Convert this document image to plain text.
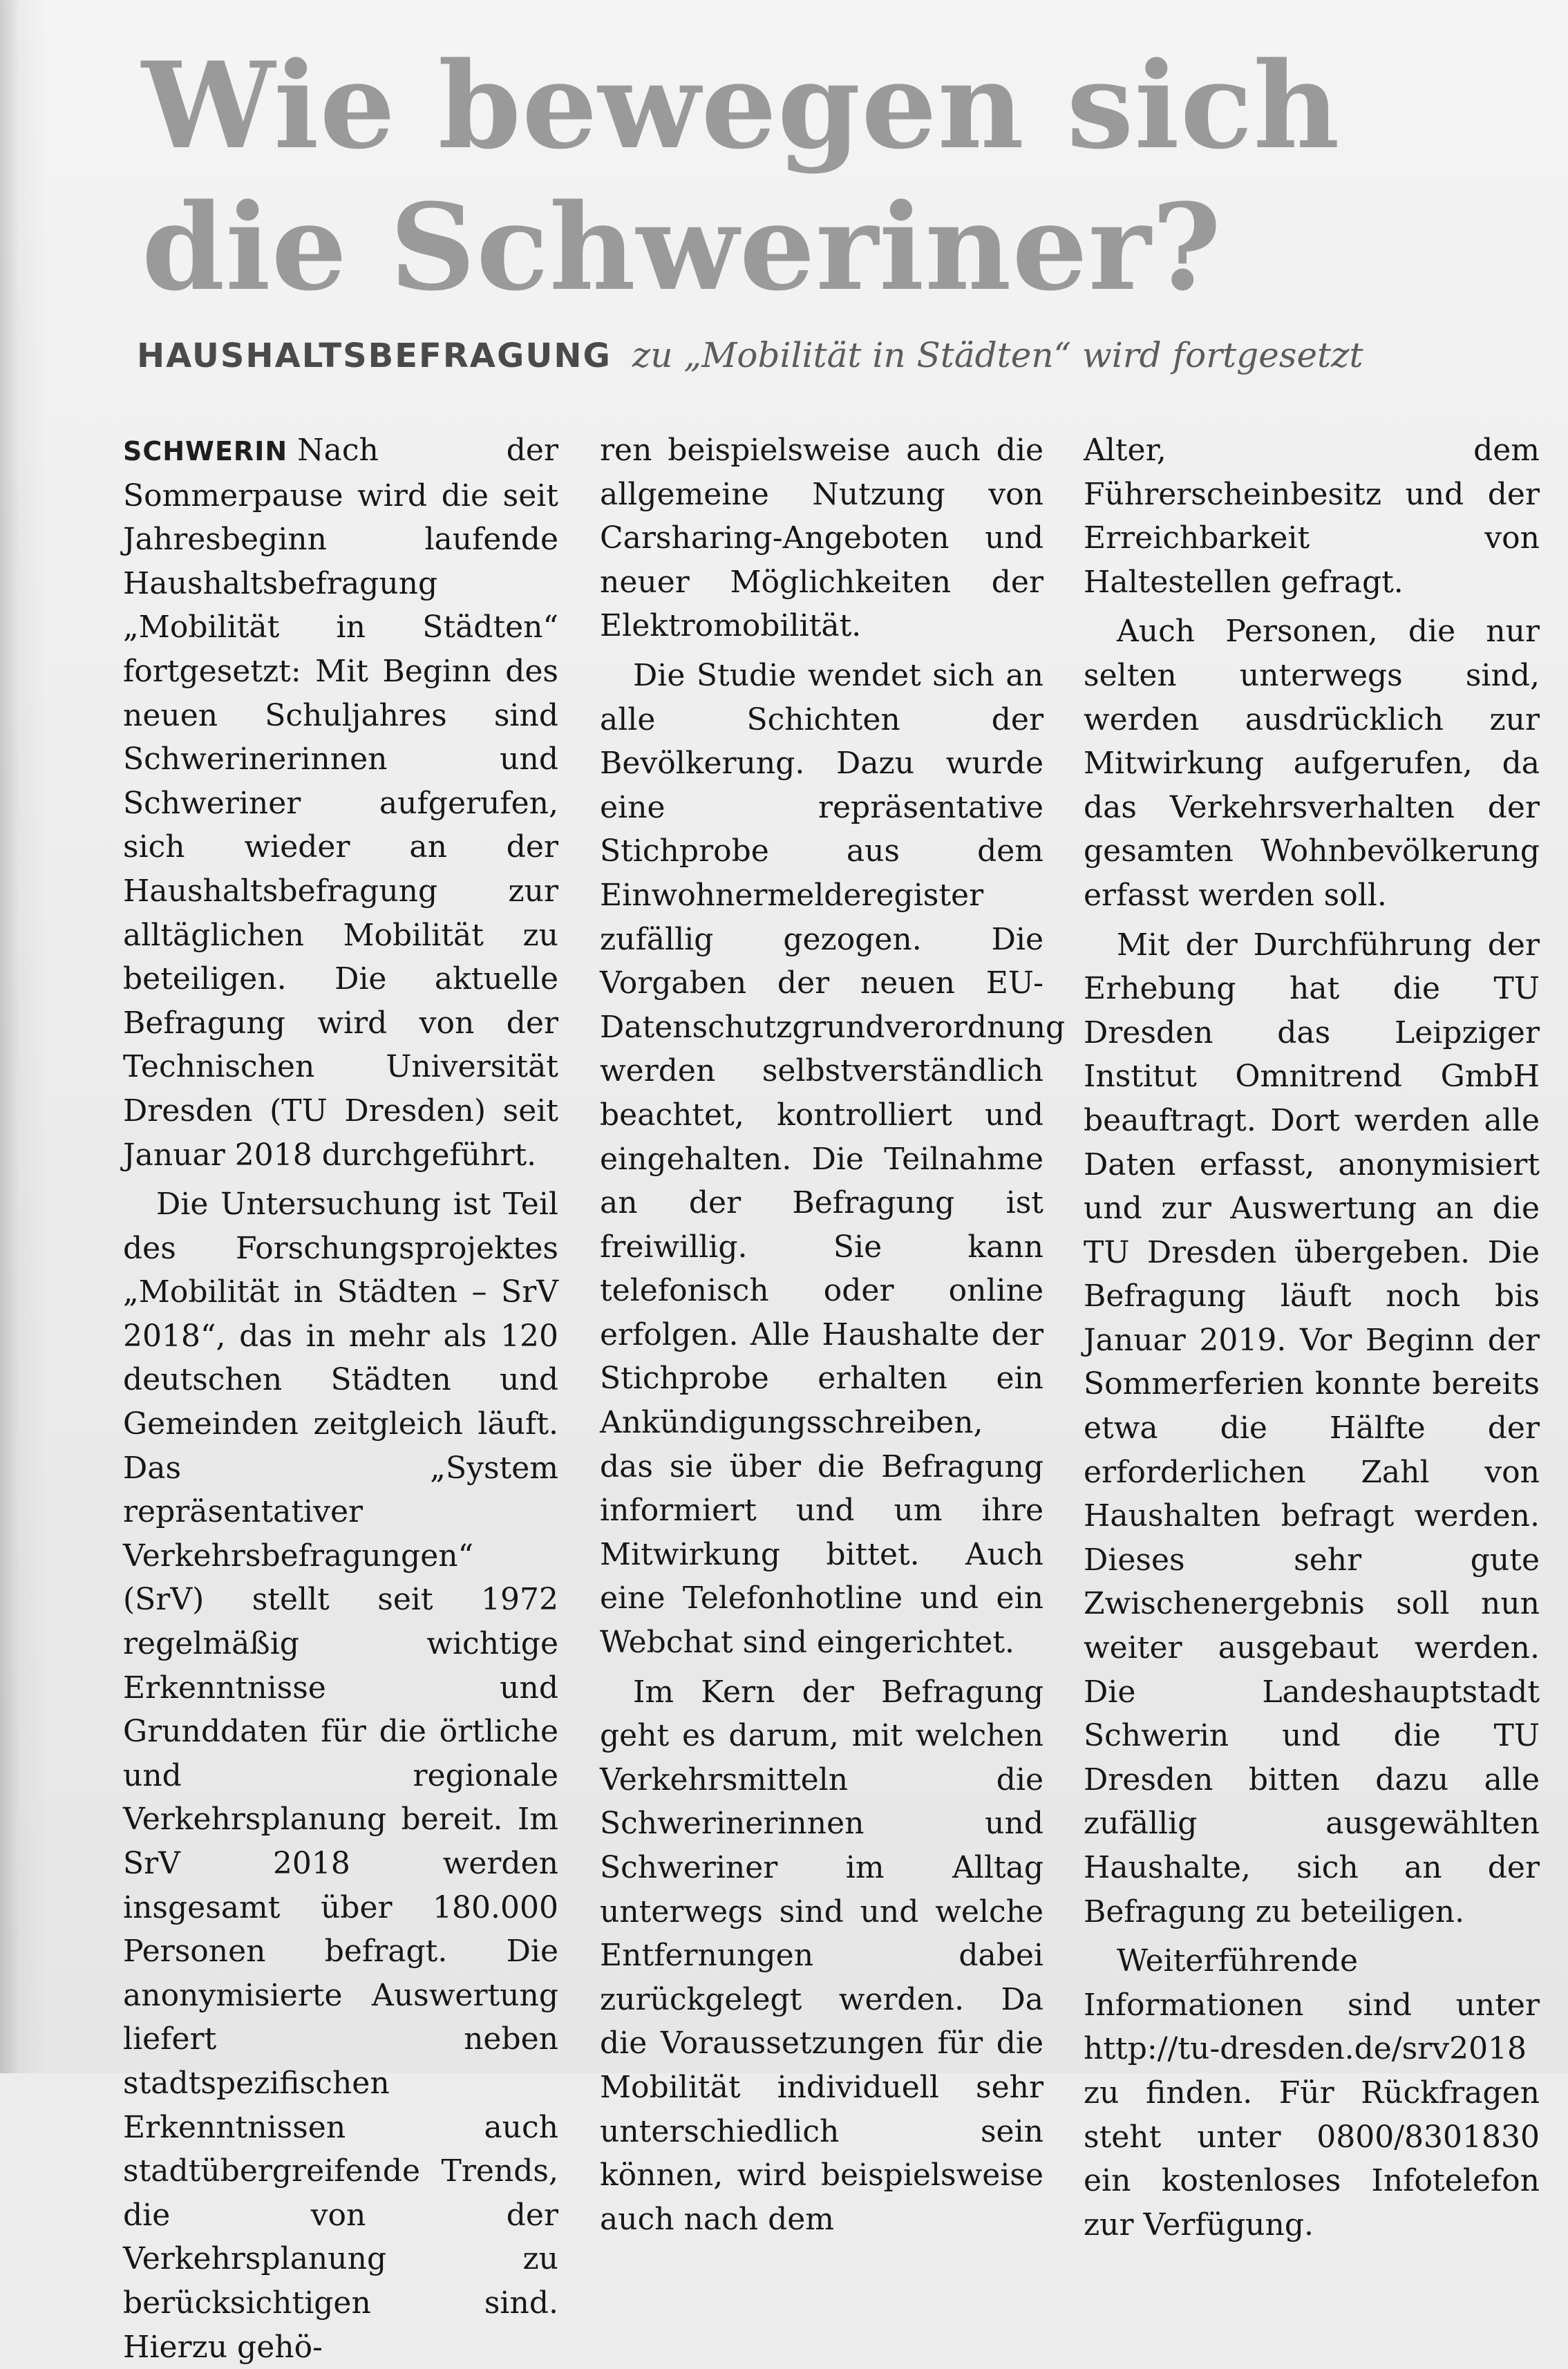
Wie bewegen sich
die Schweriner?
HAUSHALTSBEFRAGUNG zu „Mobilität in Städten“ wird fortgesetzt

SCHWERIN Nach der Sommerpause wird die seit Jahresbeginn laufende Haushaltsbefragung „Mobilität in Städten“ fortgesetzt: Mit Beginn des neuen Schuljahres sind Schwerinerinnen und Schweriner aufgerufen, sich wieder an der Haushaltsbefragung zur alltäglichen Mobilität zu beteiligen. Die aktuelle Befragung wird von der Technischen Universität Dresden (TU Dresden) seit Januar 2018 durchgeführt.

Die Untersuchung ist Teil des Forschungsprojektes „Mobilität in Städten – SrV 2018“, das in mehr als 120 deutschen Städten und Gemeinden zeitgleich läuft. Das „System repräsentativer Verkehrsbefragungen“ (SrV) stellt seit 1972 regelmäßig wichtige Erkenntnisse und Grunddaten für die örtliche und regionale Verkehrsplanung bereit. Im SrV 2018 werden insgesamt über 180.000 Personen befragt. Die anonymisierte Auswertung liefert neben stadtspezifischen Erkenntnissen auch stadtübergreifende Trends, die von der Verkehrsplanung zu berücksichtigen sind. Hierzu gehö-

ren beispielsweise auch die allgemeine Nutzung von Carsharing-Angeboten und neuer Möglichkeiten der Elektromobilität.

Die Studie wendet sich an alle Schichten der Bevölkerung. Dazu wurde eine repräsentative Stichprobe aus dem Einwohnermelderegister zufällig gezogen. Die Vorgaben der neuen EU-Datenschutzgrundverordnung werden selbstverständlich beachtet, kontrolliert und eingehalten. Die Teilnahme an der Befragung ist freiwillig. Sie kann telefonisch oder online erfolgen. Alle Haushalte der Stichprobe erhalten ein Ankündigungsschreiben, das sie über die Befragung informiert und um ihre Mitwirkung bittet. Auch eine Telefonhotline und ein Webchat sind eingerichtet.

Im Kern der Befragung geht es darum, mit welchen Verkehrsmitteln die Schwerinerinnen und Schweriner im Alltag unterwegs sind und welche Entfernungen dabei zurückgelegt werden. Da die Voraussetzungen für die Mobilität individuell sehr unterschiedlich sein können, wird beispielsweise auch nach dem

Alter, dem Führerscheinbesitz und der Erreichbarkeit von Haltestellen gefragt.

Auch Personen, die nur selten unterwegs sind, werden ausdrücklich zur Mitwirkung aufgerufen, da das Verkehrsverhalten der gesamten Wohnbevölkerung erfasst werden soll.

Mit der Durchführung der Erhebung hat die TU Dresden das Leipziger Institut Omnitrend GmbH beauftragt. Dort werden alle Daten erfasst, anonymisiert und zur Auswertung an die TU Dresden übergeben. Die Befragung läuft noch bis Januar 2019. Vor Beginn der Sommerferien konnte bereits etwa die Hälfte der erforderlichen Zahl von Haushalten befragt werden. Dieses sehr gute Zwischenergebnis soll nun weiter ausgebaut werden. Die Landeshauptstadt Schwerin und die TU Dresden bitten dazu alle zufällig ausgewählten Haushalte, sich an der Befragung zu beteiligen.

Weiterführende Informationen sind unter http://tu-dresden.de/srv2018 zu finden. Für Rückfragen steht unter 0800/8301830 ein kostenloses Infotelefon zur Verfügung.
